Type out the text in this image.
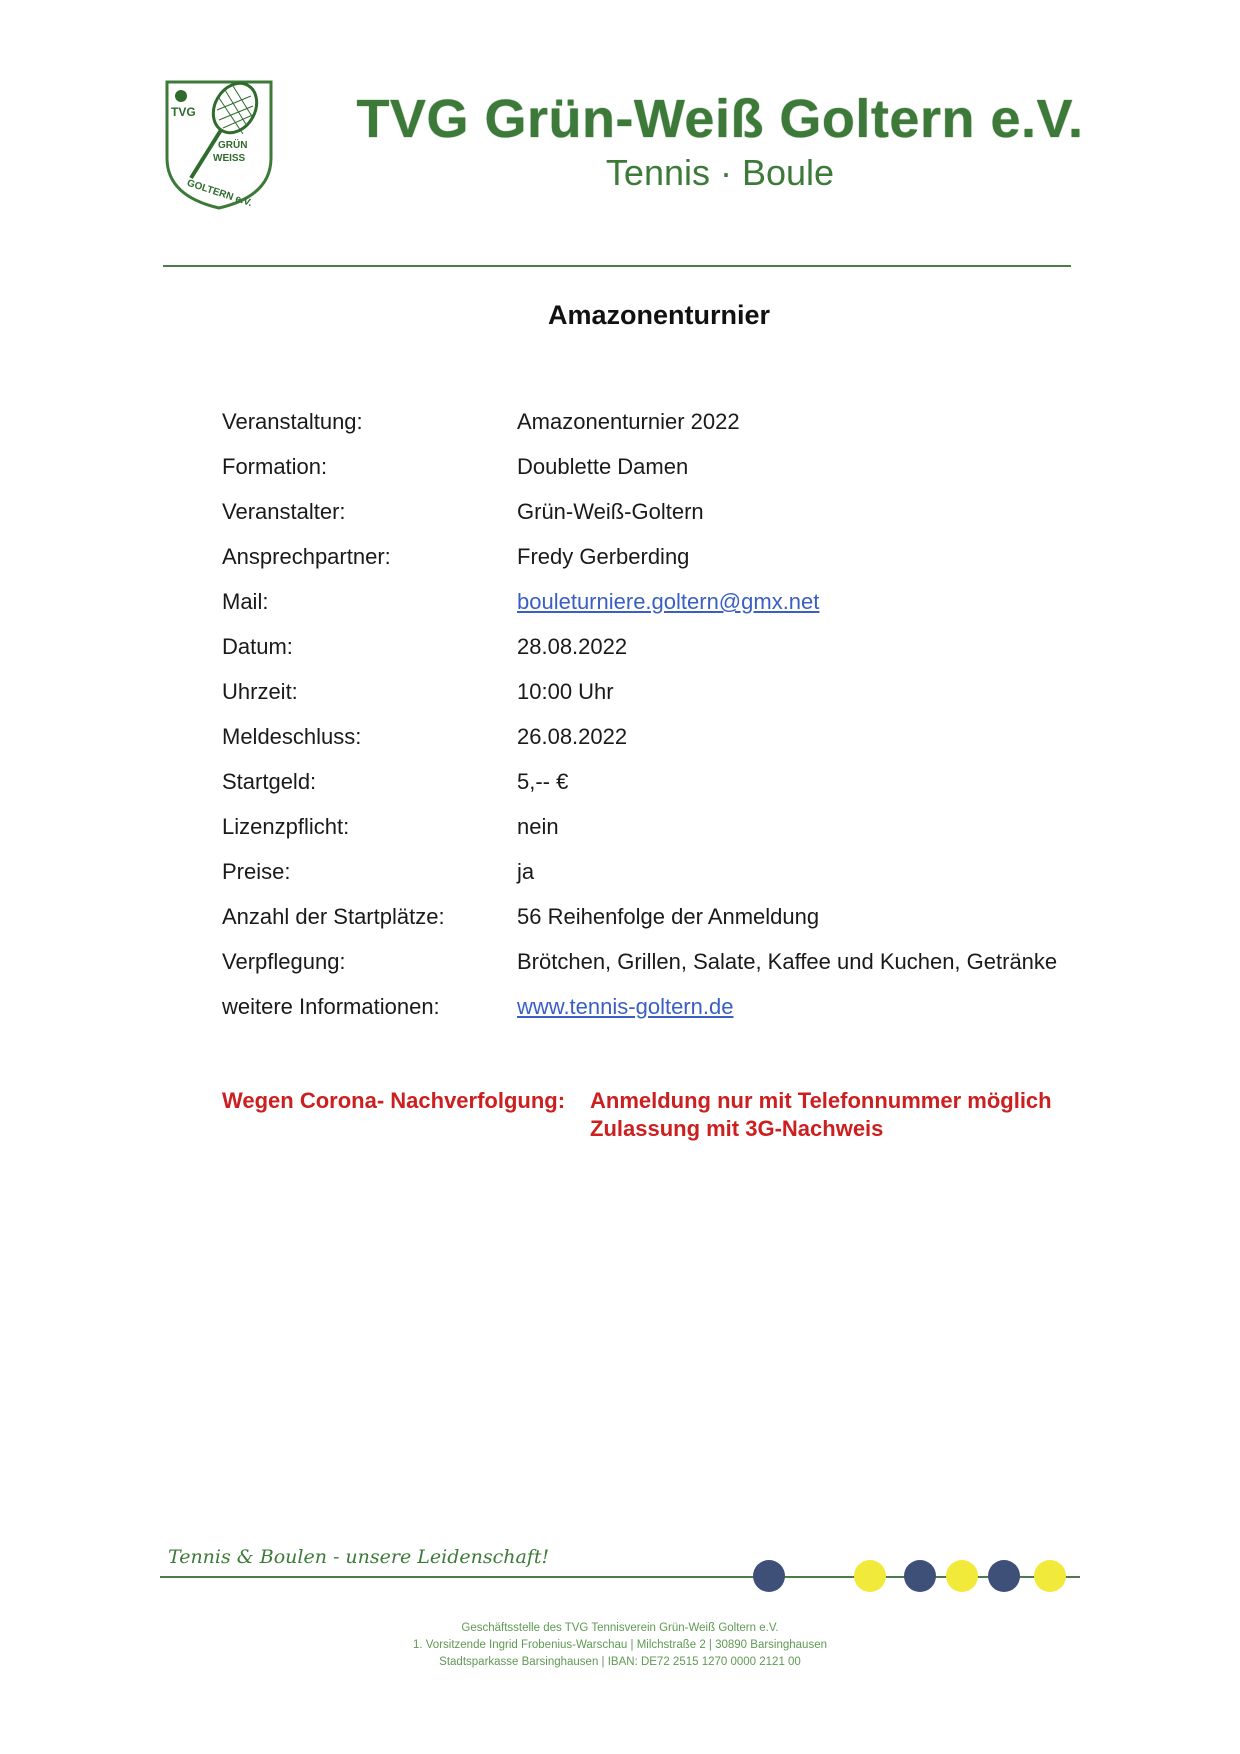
TVG
GRÜN
WEISS
GOLTERN e.V.
TVG Grün-Weiß Goltern e.V.
Tennis · Boule
Amazonenturnier
Veranstaltung:	Amazonenturnier 2022
Formation:	Doublette Damen
Veranstalter:	Grün-Weiß-Goltern
Ansprechpartner:	Fredy Gerberding
Mail:	bouleturniere.goltern@gmx.net
Datum:	28.08.2022
Uhrzeit:	10:00 Uhr
Meldeschluss:	26.08.2022
Startgeld:	5,-- €
Lizenzpflicht:	nein
Preise:	ja
Anzahl der Startplätze:	56 Reihenfolge der Anmeldung
Verpflegung:	Brötchen, Grillen, Salate, Kaffee und Kuchen, Getränke
weitere Informationen:	www.tennis-goltern.de
Wegen Corona- Nachverfolgung: Anmeldung nur mit Telefonnummer möglich
Zulassung mit 3G-Nachweis
Tennis & Boulen - unsere Leidenschaft!
Geschäftsstelle des TVG Tennisverein Grün-Weiß Goltern e.V.
1. Vorsitzende Ingrid Frobenius-Warschau | Milchstraße 2 | 30890 Barsinghausen
Stadtsparkasse Barsinghausen | IBAN: DE72 2515 1270 0000 2121 00
